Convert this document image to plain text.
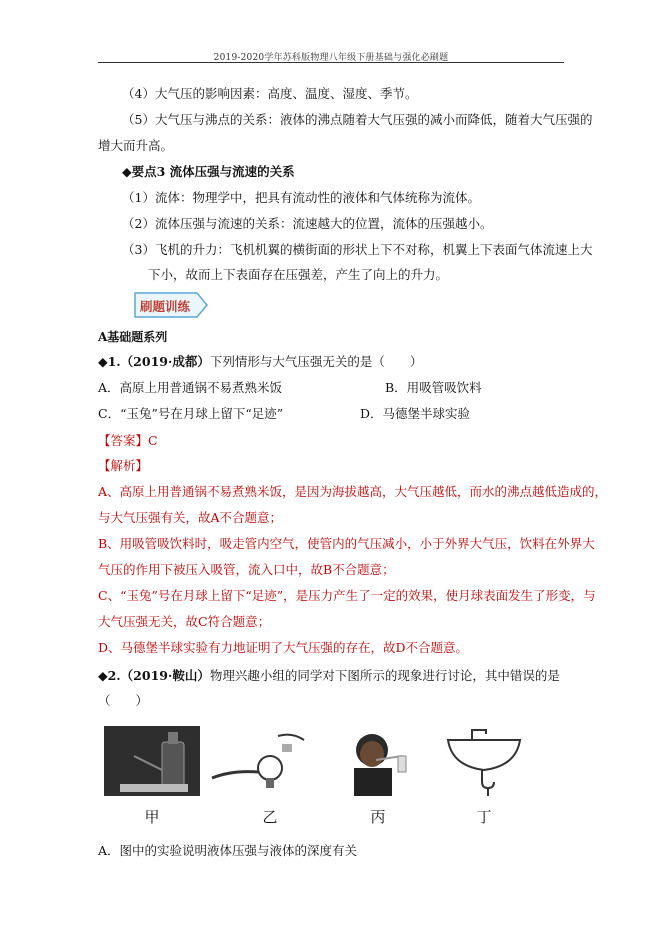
2019-2020学年苏科版物理八年级下册基础与强化必刷题
（4）大气压的影响因素：高度、温度、湿度、季节。
（5）大气压与沸点的关系：液体的沸点随着大气压强的减小而降低，随着大气压强的
增大而升高。
◆要点3 流体压强与流速的关系
（1）流体：物理学中，把具有流动性的液体和气体统称为流体。
（2）流体压强与流速的关系：流速越大的位置，流体的压强越小。
（3）飞机的升力：飞机机翼的横街面的形状上下不对称，机翼上下表面气体流速上大
下小，故而上下表面存在压强差，产生了向上的升力。
刷题训练
A基础题系列
◆1.（2019·成都）下列情形与大气压强无关的是（　　）
A．高原上用普通锅不易煮熟米饭	B．用吸管吸饮料
C．“玉兔”号在月球上留下“足迹”	D．马德堡半球实验
【答案】C
【解析】
A、高原上用普通锅不易煮熟米饭，是因为海拔越高，大气压越低，而水的沸点越低造成的，
与大气压强有关，故A不合题意；
B、用吸管吸饮料时，吸走管内空气，使管内的气压减小，小于外界大气压，饮料在外界大
气压的作用下被压入吸管，流入口中，故B不合题意；
C、“玉兔”号在月球上留下“足迹”，是压力产生了一定的效果，使月球表面发生了形变，与
大气压强无关，故C符合题意；
D、马德堡半球实验有力地证明了大气压强的存在，故D不合题意。
◆2.（2019·鞍山）物理兴趣小组的同学对下图所示的现象进行讨论，其中错误的是
（　　）
甲	乙	丙	丁
A．图中的实验说明液体压强与液体的深度有关
